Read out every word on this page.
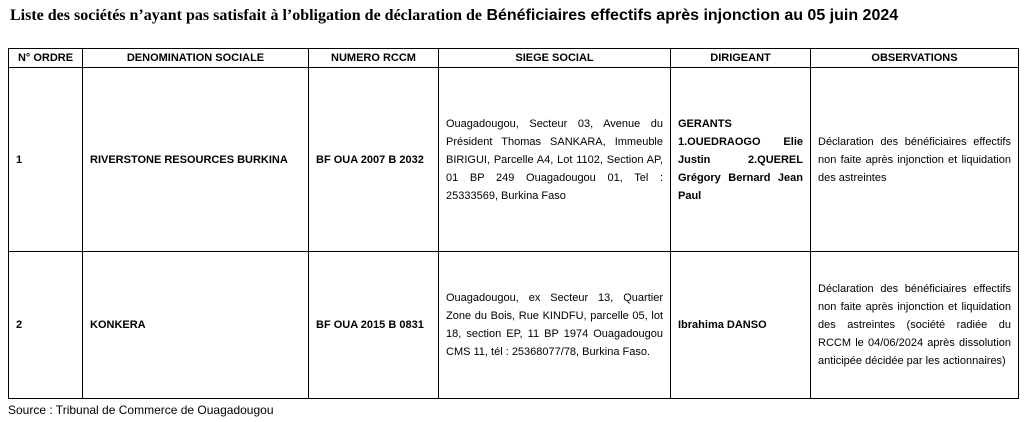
Liste des sociétés n’ayant pas satisfait à l’obligation de déclaration de Bénéficiaires effectifs après injonction au 05 juin 2024
N° ORDRE	DENOMINATION SOCIALE	NUMERO RCCM	SIEGE SOCIAL	DIRIGEANT	OBSERVATIONS
1	RIVERSTONE RESOURCES BURKINA	BF OUA 2007 B 2032	Ouagadougou, Secteur 03, Avenue du Président Thomas SANKARA, Immeuble BIRIGUI, Parcelle A4, Lot 1102, Section AP, 01 BP 249 Ouagadougou 01, Tel : 25333569, Burkina Faso	GERANTS 1.OUEDRAOGO Elie Justin 2.QUEREL Grégory Bernard Jean Paul	Déclaration des bénéficiaires effectifs non faite après injonction et liquidation des astreintes
2	KONKERA	BF OUA 2015 B 0831	Ouagadougou, ex Secteur 13, Quartier Zone du Bois, Rue KINDFU, parcelle 05, lot 18, section EP, 11 BP 1974 Ouagadougou CMS 11, tél : 25368077/78, Burkina Faso.	Ibrahima DANSO	Déclaration des bénéficiaires effectifs non faite après injonction et liquidation des astreintes (société radiée du RCCM le 04/06/2024 après dissolution anticipée décidée par les actionnaires)
Source : Tribunal de Commerce de Ouagadougou
